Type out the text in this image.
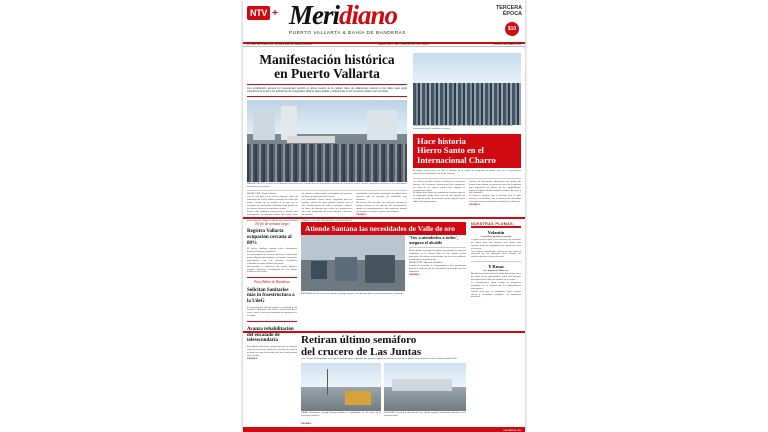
NTV + Meridiano
PUERTO VALLARTA & BAHÍA DE BANDERAS
TERCERA
ÉPOCA
$10
EL IMPARCIAL DE LA BAHÍA DE BANDERAS	MARTES 7 DE FEBRERO DE 2023	www.meridiano.mx
Manifestación histórica
en Puerto Vallarta
Una movilización general sin precedentes recorrió el primer cuadro de la ciudad; miles de vallartenses salieron a las calles para exigir soluciones de fondo a los problemas de inseguridad, falta de agua potable y deficiencias en los servicios públicos del municipio.
MANIFESTACIÓN. Cientos de ciudadanos marcharon por el malecón y las principales avenidas del centro de Puerto Vallarta exigiendo respuestas a las autoridades municipales y estatales.
REDACCIÓN / Puerto Vallarta
Con un solo grito y una misma exigencia, miles de habitantes de Puerto Vallarta tomaron las calles del primer cuadro de la ciudad en lo que ya se considera la movilización ciudadana más grande de los últimos años en el municipio costero.
Desde muy temprano comenzaron a reunirse los contingentes en distintos puntos del centro, para después avanzar de manera ordenada hacia la plaza principal, donde se dieron cita representantes de colonias, comerciantes, prestadores de servicios turísticos y organizaciones civiles.
Las demandas fueron claras: seguridad para las familias, abasto de agua potable durante todo el año, mantenimiento de calles y avenidas, además de obras de drenaje que eviten las inundaciones que cada temporada de lluvias afectan a decenas de colonias.
Los organizadores estimaron una asistencia superior a las diez mil personas, mientras que las autoridades municipales reportaron un saldo blanco durante toda la jornada, sin incidentes que lamentar.
Al término del recorrido, una comisión entregó un pliego petitorio en las oficinas del ayuntamiento, donde se comprometieron a dar respuesta puntual en un plazo no mayor a quince días hábiles.
PÁGINA 3
CHARRERÍA. Los participantes del Internacional Charro desfilaron ante un lienzo lleno en una jornada memorable para la tradición mexicana.
Hace historia
Hierro Santo en el
Internacional Charro
El equipo charro puso en alto el nombre de la región al conquistar el primer sitio en la competencia internacional celebrada este fin de semana.
Los charros de Hierro Santo se llevaron los máximos honores del certamen internacional tras imponerse en ocho de las nueve suertes que integran la competencia oficial.
El equipo local logró una puntuación histórica que no se registraba desde hace más de una década en este tipo de justas, de acuerdo con los registros de la federación organizadora.
Cientos de aficionados abarrotaron las gradas del lienzo charro desde las primeras horas de la mañana para presenciar las faenas de los competidores, quienes llegaron desde distintos estados del país y del extranjero.
La directiva anunció que el próximo año la sede volverá a ser la bahía, con la intención de consolidar el evento como un referente nacional de la charrería.
PÁGINA 11
En fin de semana largo
Registra Vallarta ocupación cercana al 80%
El sector hotelero reportó cifras alentadoras durante el puente vacacional.
Los prestadores de servicios turísticos confirmaron que la afluencia de visitantes nacionales superó las expectativas, con una derrama económica estimada en varios millones de pesos.
Restaurantes y comercios del centro histórico también reportaron incrementos en sus ventas durante los tres días.
Para Bahía de Banderas
Solicitan Sanitarios más in fraestructura a la UdeG
El ayuntamiento solicitó ampliar la matrícula y los espacios educativos del centro universitario de la costa, ante la creciente demanda de aspirantes en la región.
Avanza rehabilitación del encalado de telesecundaria
Autoridades educativas informaron que los trabajos registran un avance superior al setenta por ciento y se prevé su conclusión antes del inicio del próximo ciclo escolar.
PÁGINA 6
Atiende Santana las necesidades de Valle de oro
'Voy a atenderlos a todos', asegura el alcalde
El presidente municipal encabezó una jornada de atención ciudadana en la colonia Valle de Oro, donde recibió peticiones de vecinos relacionadas con servicios públicos, alumbrado y pavimentación.
REDACCIÓN / Bahía de Banderas
Durante el recorrido se comprometió a dar seguimiento puntual a cada una de las solicitudes presentadas por los habitantes.
PÁGINA 8
ENTREGA. El edil recorrió la colonia y entregó apoyos a las familias que lo solicitaron durante la jornada.
NUESTRAS PLUMAS:
Volantín
Costa Rica agravia en mundo
La política local volvió a ser escenario de acuerdos de última hora que dejaron más dudas que certezas entre los ciudadanos que siguen de cerca el proceso.
Los actores involucrados insisten en que todo se resolverá en los siguientes días, aunque las señales apuntan en otra dirección.
Y Rosas
Los anteriores fallan ser
Resulta necesario revisar el fondo del asunto antes de emitir juicios apresurados sobre una decisión que impactará a miles de familias de la región.
La transparencia sigue siendo la asignatura pendiente en la mayoría de las dependencias municipales.
Queda claro que la ciudadanía exige cuentas claras y resultados medibles, no solamente discursos.
Retiran último semáforo
del crucero de Las Juntas
Con el retiro del dispositivo concluye la obra del paso a desnivel que promete agilizar el tránsito en uno de los puntos más conflictivos de la carretera federal 200.
OBRA. Maquinaria pesada trabajó durante la madrugada en el retiro de la estructura metálica.
CRUCERO. El paso a desnivel de Las Juntas quedará totalmente liberado en los próximos días.
PÁGINA 4
meridiano.mx
